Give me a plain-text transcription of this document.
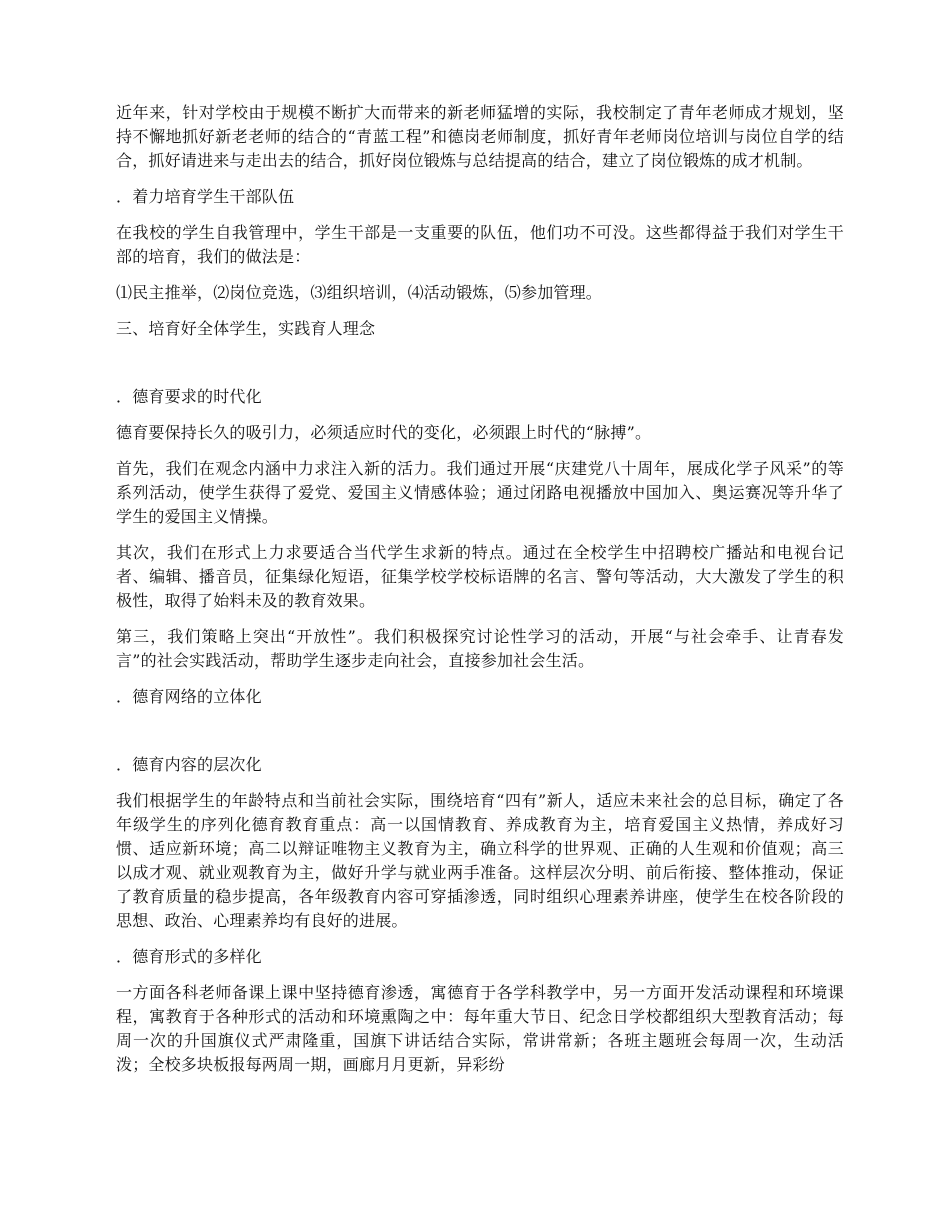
近年来，针对学校由于规模不断扩大而带来的新老师猛增的实际，我校制定了青年老师成才规划，坚持不懈地抓好新老老师的结合的“青蓝工程”和德岗老师制度，抓好青年老师岗位培训与岗位自学的结合，抓好请进来与走出去的结合，抓好岗位锻炼与总结提高的结合，建立了岗位锻炼的成才机制。

．着力培育学生干部队伍

在我校的学生自我管理中，学生干部是一支重要的队伍，他们功不可没。这些都得益于我们对学生干部的培育，我们的做法是：

⑴民主推举，⑵岗位竞选，⑶组织培训，⑷活动锻炼，⑸参加管理。

三、培育好全体学生，实践育人理念

．德育要求的时代化

德育要保持长久的吸引力，必须适应时代的变化，必须跟上时代的“脉搏”。

首先，我们在观念内涵中力求注入新的活力。我们通过开展“庆建党八十周年，展成化学子风采”的等系列活动，使学生获得了爱党、爱国主义情感体验；通过闭路电视播放中国加入、奥运赛况等升华了学生的爱国主义情操。

其次，我们在形式上力求要适合当代学生求新的特点。通过在全校学生中招聘校广播站和电视台记者、编辑、播音员，征集绿化短语，征集学校学校标语牌的名言、警句等活动，大大激发了学生的积极性，取得了始料未及的教育效果。

第三，我们策略上突出“开放性”。我们积极探究讨论性学习的活动，开展“与社会牵手、让青春发言”的社会实践活动，帮助学生逐步走向社会，直接参加社会生活。

．德育网络的立体化

．德育内容的层次化

我们根据学生的年龄特点和当前社会实际，围绕培育“四有”新人，适应未来社会的总目标，确定了各年级学生的序列化德育教育重点：高一以国情教育、养成教育为主，培育爱国主义热情，养成好习惯、适应新环境；高二以辩证唯物主义教育为主，确立科学的世界观、正确的人生观和价值观；高三以成才观、就业观教育为主，做好升学与就业两手准备。这样层次分明、前后衔接、整体推动，保证了教育质量的稳步提高，各年级教育内容可穿插渗透，同时组织心理素养讲座，使学生在校各阶段的思想、政治、心理素养均有良好的进展。

．德育形式的多样化

一方面各科老师备课上课中坚持德育渗透，寓德育于各学科教学中，另一方面开发活动课程和环境课程，寓教育于各种形式的活动和环境熏陶之中：每年重大节日、纪念日学校都组织大型教育活动；每周一次的升国旗仪式严肃隆重，国旗下讲话结合实际，常讲常新；各班主题班会每周一次，生动活泼；全校多块板报每两周一期，画廊月月更新，异彩纷
